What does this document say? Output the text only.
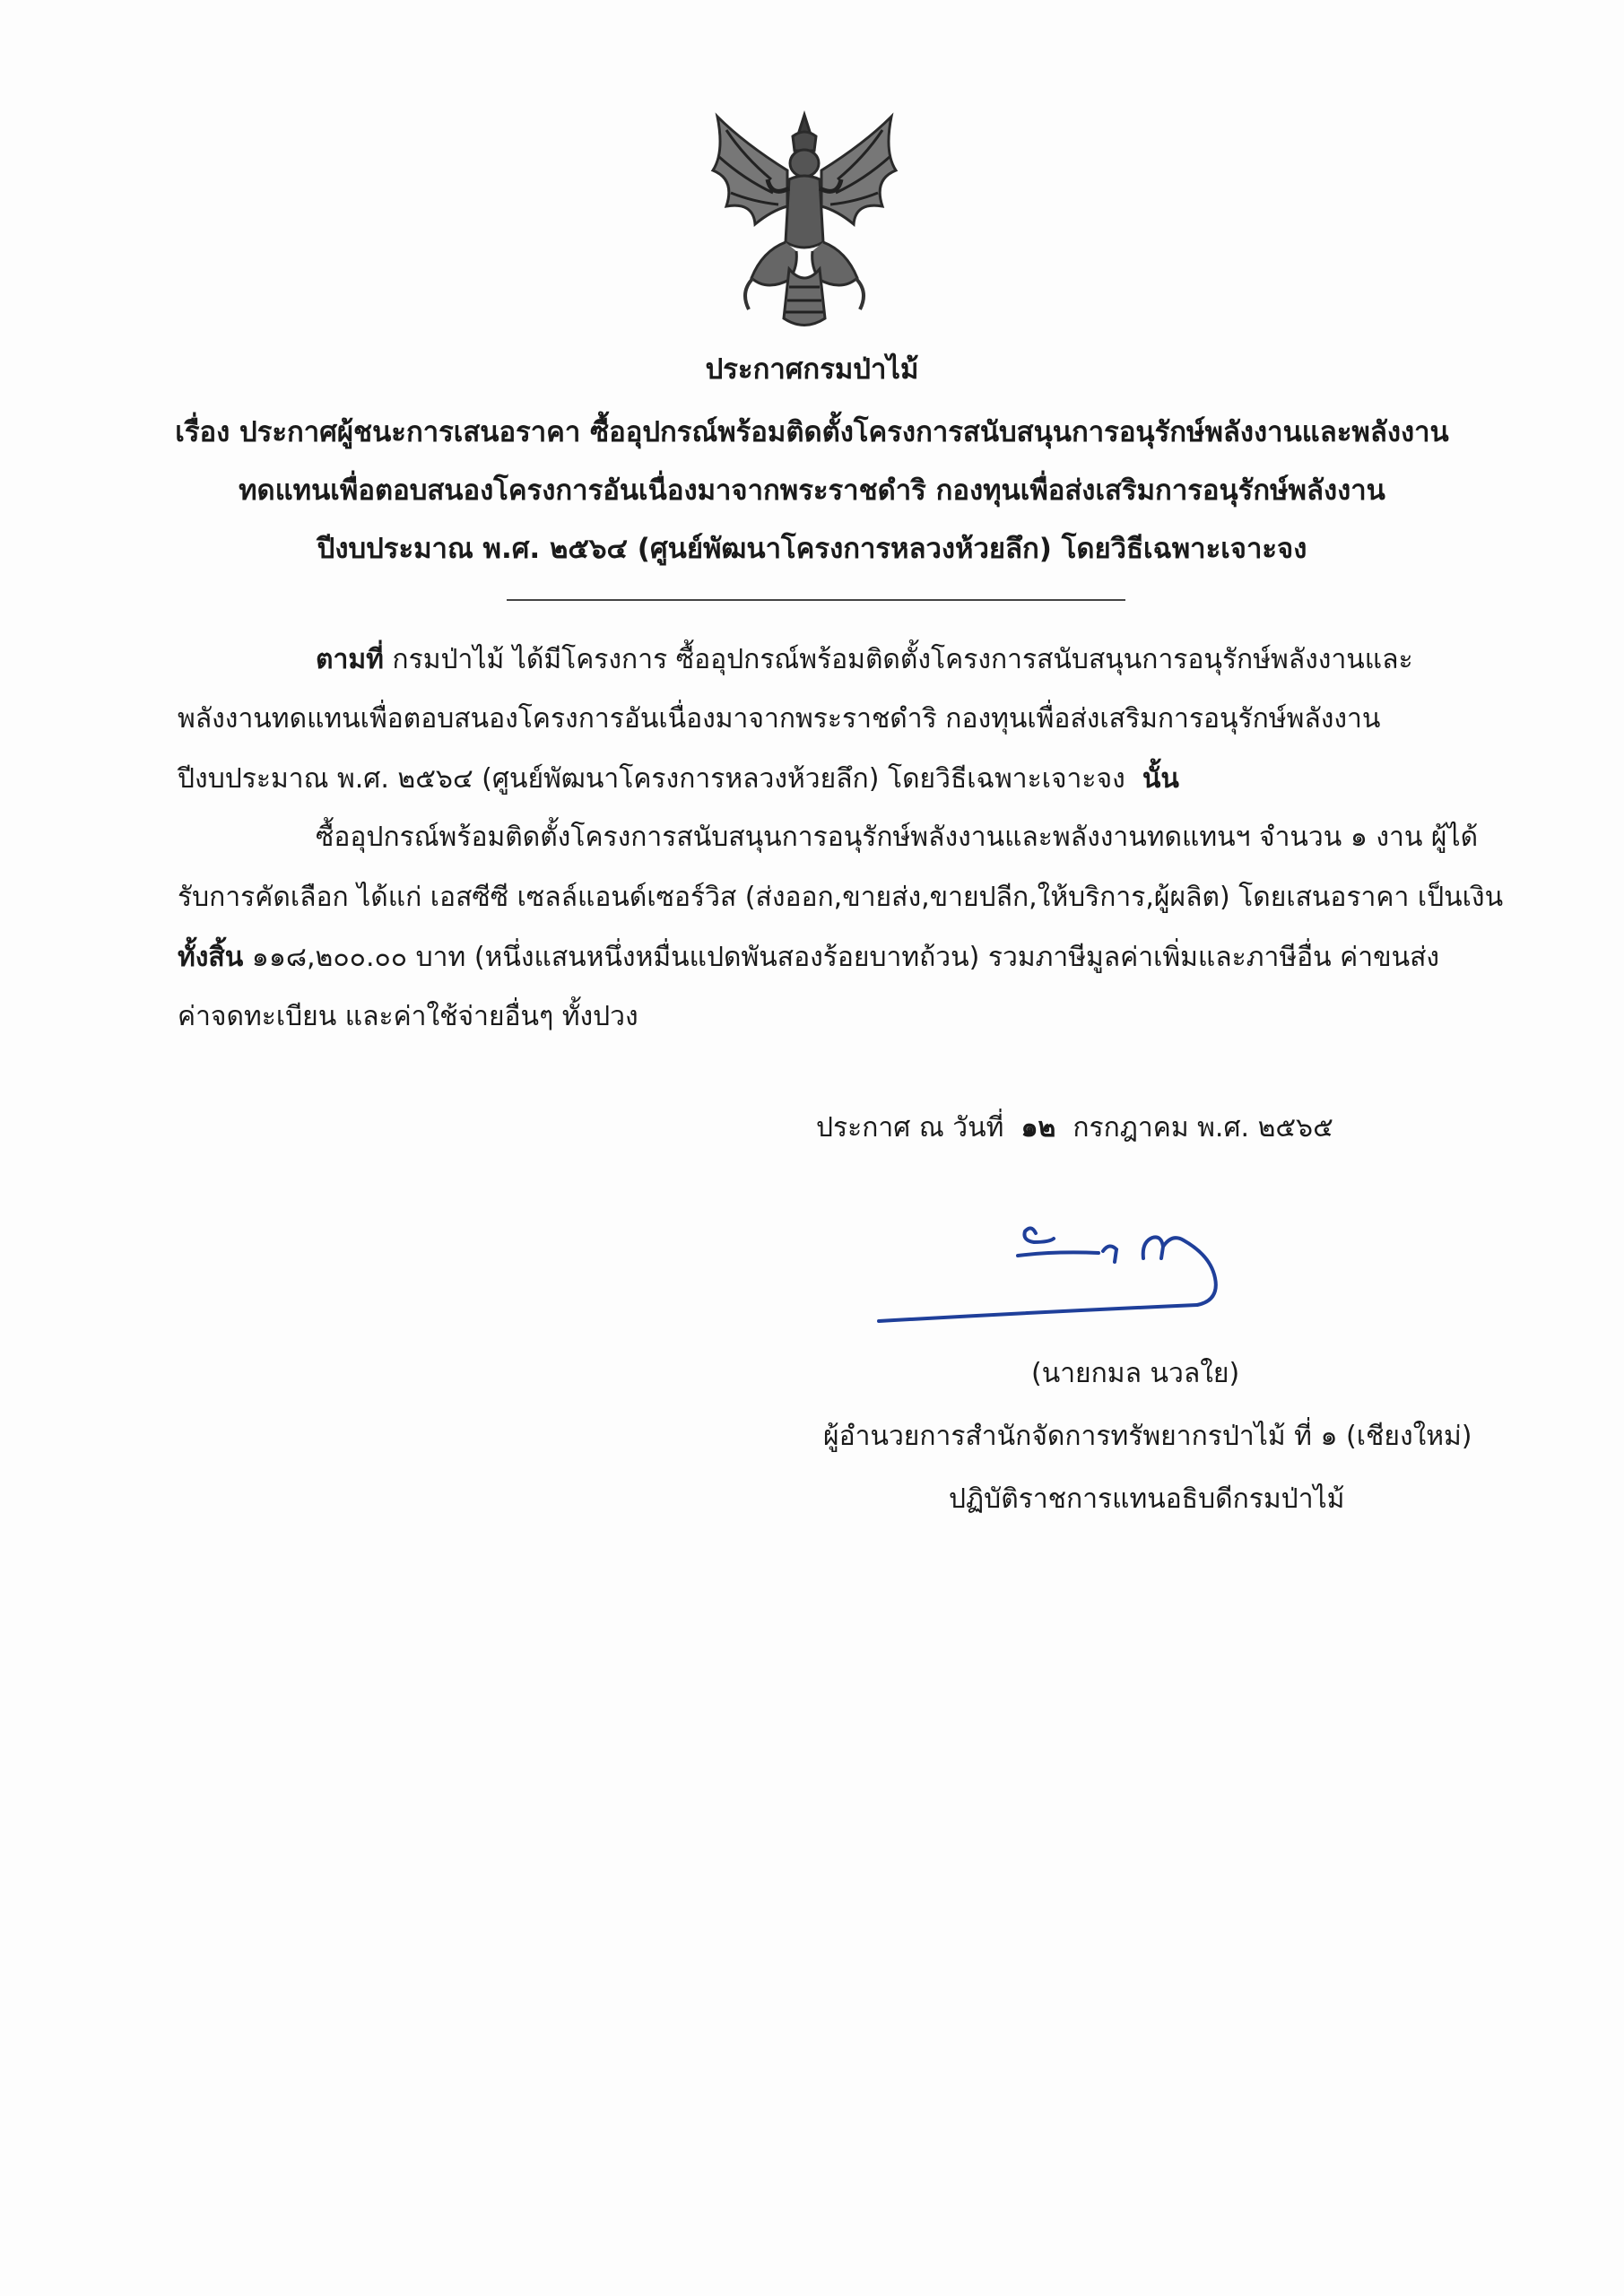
ประกาศกรมป่าไม้
เรื่อง ประกาศผู้ชนะการเสนอราคา ซื้ออุปกรณ์พร้อมติดตั้งโครงการสนับสนุนการอนุรักษ์พลังงานและพลังงาน
ทดแทนเพื่อตอบสนองโครงการอันเนื่องมาจากพระราชดำริ กองทุนเพื่อส่งเสริมการอนุรักษ์พลังงาน
ปีงบประมาณ พ.ศ. ๒๕๖๔ (ศูนย์พัฒนาโครงการหลวงห้วยลึก) โดยวิธีเฉพาะเจาะจง
ตามที่ กรมป่าไม้ ได้มีโครงการ ซื้ออุปกรณ์พร้อมติดตั้งโครงการสนับสนุนการอนุรักษ์พลังงานและ
พลังงานทดแทนเพื่อตอบสนองโครงการอันเนื่องมาจากพระราชดำริ กองทุนเพื่อส่งเสริมการอนุรักษ์พลังงาน
ปีงบประมาณ พ.ศ. ๒๕๖๔ (ศูนย์พัฒนาโครงการหลวงห้วยลึก) โดยวิธีเฉพาะเจาะจง นั้น
ซื้ออุปกรณ์พร้อมติดตั้งโครงการสนับสนุนการอนุรักษ์พลังงานและพลังงานทดแทนฯ จำนวน ๑ งาน ผู้ได้
รับการคัดเลือก ได้แก่ เอสซีซี เซลล์แอนด์เซอร์วิส (ส่งออก,ขายส่ง,ขายปลีก,ให้บริการ,ผู้ผลิต) โดยเสนอราคา เป็นเงิน
ทั้งสิ้น ๑๑๘,๒๐๐.๐๐ บาท (หนึ่งแสนหนึ่งหมื่นแปดพันสองร้อยบาทถ้วน) รวมภาษีมูลค่าเพิ่มและภาษีอื่น ค่าขนส่ง
ค่าจดทะเบียน และค่าใช้จ่ายอื่นๆ ทั้งปวง
ประกาศ ณ วันที่ ๑๒ กรกฎาคม พ.ศ. ๒๕๖๕
(นายกมล นวลใย)
ผู้อำนวยการสำนักจัดการทรัพยากรป่าไม้ ที่ ๑ (เชียงใหม่)
ปฏิบัติราชการแทนอธิบดีกรมป่าไม้
